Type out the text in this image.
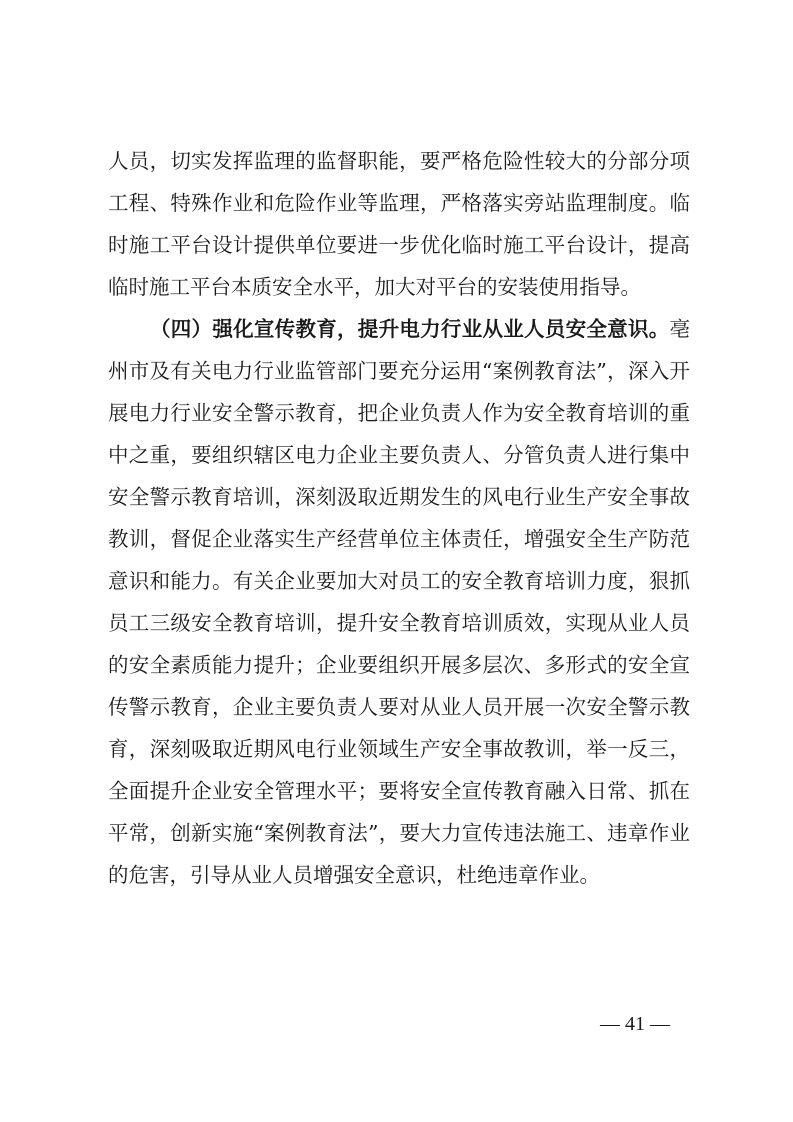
人员，切实发挥监理的监督职能，要严格危险性较大的分部分项
工程、特殊作业和危险作业等监理，严格落实旁站监理制度。临
时施工平台设计提供单位要进一步优化临时施工平台设计，提高
临时施工平台本质安全水平，加大对平台的安装使用指导。
（四）强化宣传教育，提升电力行业从业人员安全意识。亳
州市及有关电力行业监管部门要充分运用“案例教育法”，深入开
展电力行业安全警示教育，把企业负责人作为安全教育培训的重
中之重，要组织辖区电力企业主要负责人、分管负责人进行集中
安全警示教育培训，深刻汲取近期发生的风电行业生产安全事故
教训，督促企业落实生产经营单位主体责任，增强安全生产防范
意识和能力。有关企业要加大对员工的安全教育培训力度，狠抓
员工三级安全教育培训，提升安全教育培训质效，实现从业人员
的安全素质能力提升；企业要组织开展多层次、多形式的安全宣
传警示教育，企业主要负责人要对从业人员开展一次安全警示教
育，深刻吸取近期风电行业领域生产安全事故教训，举一反三，
全面提升企业安全管理水平；要将安全宣传教育融入日常、抓在
平常，创新实施“案例教育法”，要大力宣传违法施工、违章作业
的危害，引导从业人员增强安全意识，杜绝违章作业。
— 41 —
